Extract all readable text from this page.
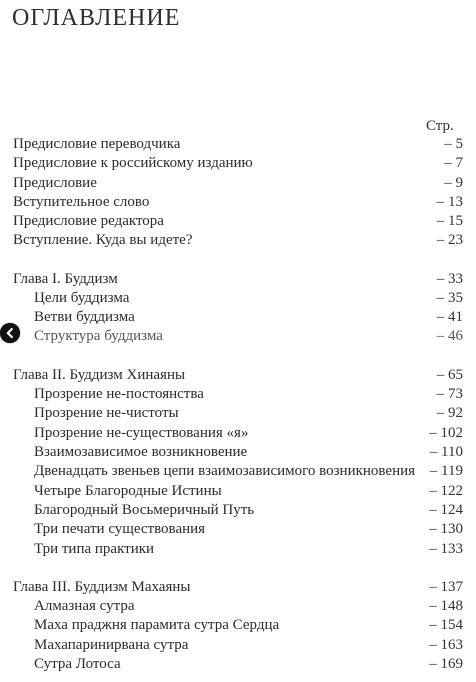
ОГЛАВЛЕНИЕ
Стр.
Предисловие переводчика	– 5
Предисловие к российскому изданию	– 7
Предисловие	– 9
Вступительное слово	– 13
Предисловие редактора	– 15
Вступление. Куда вы идете?	– 23
Глава I. Буддизм	– 33
Цели буддизма	– 35
Ветви буддизма	– 41
Структура буддизма	– 46
Глава II. Буддизм Хинаяны	– 65
Прозрение не-постоянства	– 73
Прозрение не-чистоты	– 92
Прозрение не-существования «я»	– 102
Взаимозависимое возникновение	– 110
Двенадцать звеньев цепи взаимозависимого возникновения – 119
Четыре Благородные Истины	– 122
Благородный Восьмеричный Путь	– 124
Три печати существования	– 130
Три типа практики	– 133
Глава III. Буддизм Махаяны	– 137
Алмазная сутра	– 148
Маха праджня парамита сутра Сердца	– 154
Махапаринирвана сутра	– 163
Сутра Лотоса	– 169
